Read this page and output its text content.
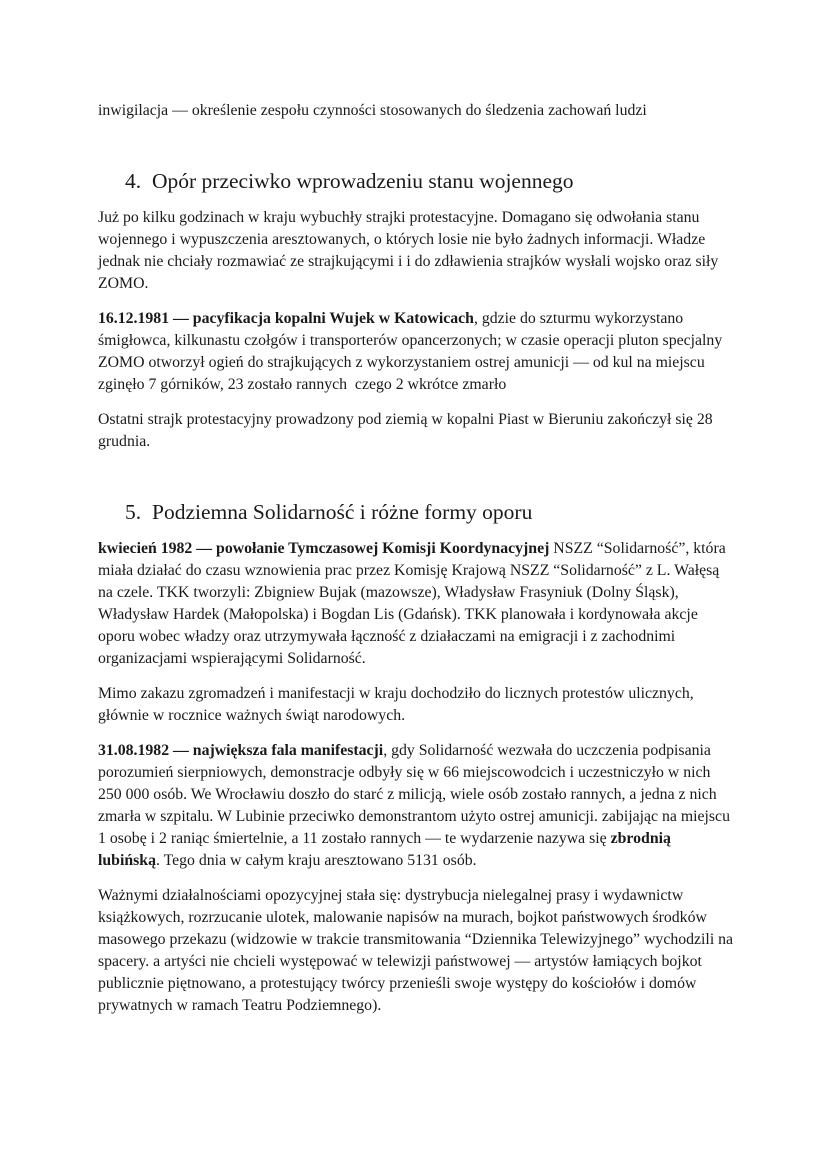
inwigilacja — określenie zespołu czynności stosowanych do śledzenia zachowań ludzi

4. Opór przeciwko wprowadzeniu stanu wojennego

Już po kilku godzinach w kraju wybuchły strajki protestacyjne. Domagano się odwołania stanu wojennego i wypuszczenia aresztowanych, o których losie nie było żadnych informacji. Władze jednak nie chciały rozmawiać ze strajkującymi i i do zdławienia strajków wysłali wojsko oraz siły ZOMO.

16.12.1981 — pacyfikacja kopalni Wujek w Katowicach, gdzie do szturmu wykorzystano śmigłowca, kilkunastu czołgów i transporterów opancerzonych; w czasie operacji pluton specjalny ZOMO otworzył ogień do strajkujących z wykorzystaniem ostrej amunicji — od kul na miejscu zginęło 7 górników, 23 zostało rannych  czego 2 wkrótce zmarło

Ostatni strajk protestacyjny prowadzony pod ziemią w kopalni Piast w Bieruniu zakończył się 28 grudnia.

5. Podziemna Solidarność i różne formy oporu

kwiecień 1982 — powołanie Tymczasowej Komisji Koordynacyjnej NSZZ “Solidarność”, która miała działać do czasu wznowienia prac przez Komisję Krajową NSZZ “Solidarność” z L. Wałęsą na czele. TKK tworzyli: Zbigniew Bujak (mazowsze), Władysław Frasyniuk (Dolny Śląsk), Władysław Hardek (Małopolska) i Bogdan Lis (Gdańsk). TKK planowała i kordynowała akcje oporu wobec władzy oraz utrzymywała łączność z działaczami na emigracji i z zachodnimi organizacjami wspierającymi Solidarność.

Mimo zakazu zgromadzeń i manifestacji w kraju dochodziło do licznych protestów ulicznych, głównie w rocznice ważnych świąt narodowych.

31.08.1982 — największa fala manifestacji, gdy Solidarność wezwała do uczczenia podpisania porozumień sierpniowych, demonstracje odbyły się w 66 miejscowodcich i uczestniczyło w nich 250 000 osób. We Wrocławiu doszło do starć z milicją, wiele osób zostało rannych, a jedna z nich zmarła w szpitalu. W Lubinie przeciwko demonstrantom użyto ostrej amunicji. zabijając na miejscu 1 osobę i 2 raniąc śmiertelnie, a 11 zostało rannych — te wydarzenie nazywa się zbrodnią lubińską. Tego dnia w całym kraju aresztowano 5131 osób.

Ważnymi działalnościami opozycyjnej stała się: dystrybucja nielegalnej prasy i wydawnictw książkowych, rozrzucanie ulotek, malowanie napisów na murach, bojkot państwowych środków masowego przekazu (widzowie w trakcie transmitowania “Dziennika Telewizyjnego” wychodzili na spacery. a artyści nie chcieli występować w telewizji państwowej — artystów łamiących bojkot publicznie piętnowano, a protestujący twórcy przenieśli swoje występy do kościołów i domów prywatnych w ramach Teatru Podziemnego).
